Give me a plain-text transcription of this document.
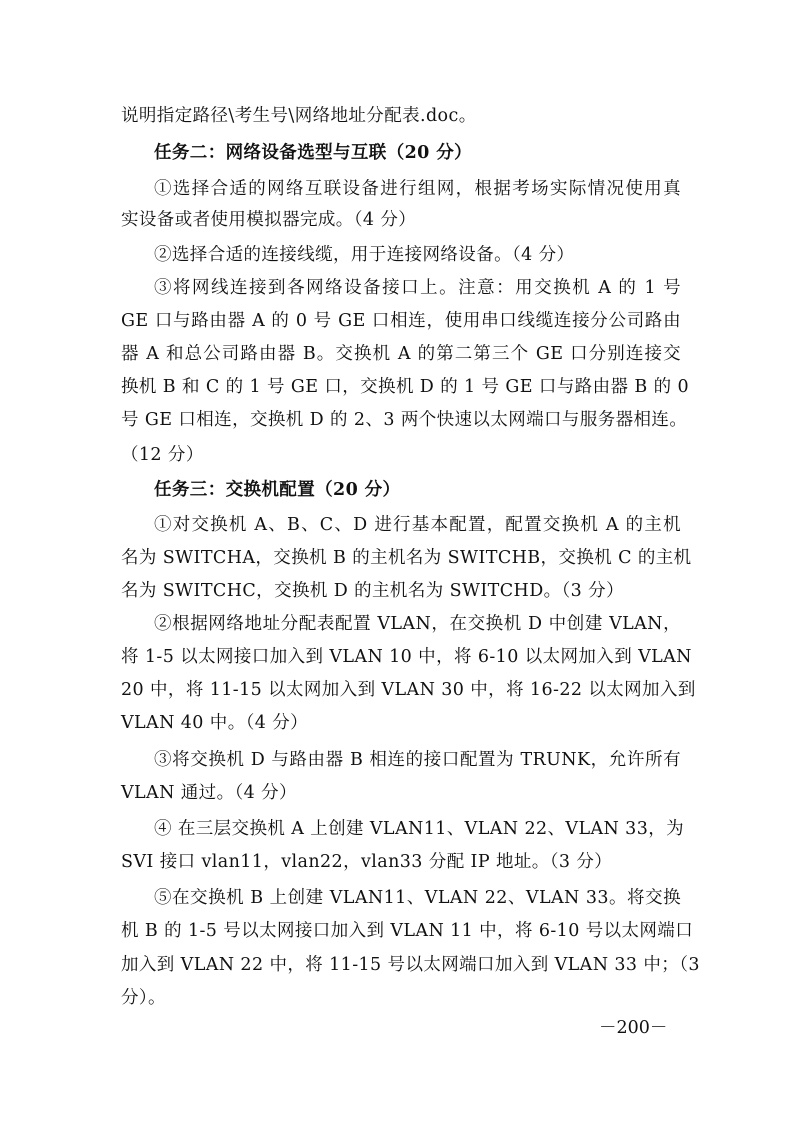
说明指定路径\考生号\网络地址分配表.doc。
任务二：网络设备选型与互联（20 分）
①选择合适的网络互联设备进行组网，根据考场实际情况使用真
实设备或者使用模拟器完成。（4 分）
②选择合适的连接线缆，用于连接网络设备。（4 分）
③将网线连接到各网络设备接口上。注意：用交换机 A 的 1 号
GE 口与路由器 A 的 0 号 GE 口相连，使用串口线缆连接分公司路由
器 A 和总公司路由器 B。交换机 A 的第二第三个 GE 口分别连接交
换机 B 和 C 的 1 号 GE 口，交换机 D 的 1 号 GE 口与路由器 B 的 0
号 GE 口相连，交换机 D 的 2、3 两个快速以太网端口与服务器相连。
（12 分）
任务三：交换机配置（20 分）
①对交换机 A、B、C、D 进行基本配置，配置交换机 A 的主机
名为 SWITCHA，交换机 B 的主机名为 SWITCHB，交换机 C 的主机
名为 SWITCHC，交换机 D 的主机名为 SWITCHD。（3 分）
②根据网络地址分配表配置 VLAN，在交换机 D 中创建 VLAN，
将 1-5 以太网接口加入到 VLAN 10 中，将 6-10 以太网加入到 VLAN
20 中，将 11-15 以太网加入到 VLAN 30 中，将 16-22 以太网加入到
VLAN 40 中。（4 分）
③将交换机 D 与路由器 B 相连的接口配置为 TRUNK，允许所有
VLAN 通过。（4 分）
④ 在三层交换机 A 上创建 VLAN11、VLAN 22、VLAN 33，为
SVI 接口 vlan11，vlan22，vlan33 分配 IP 地址。（3 分）
⑤在交换机 B 上创建 VLAN11、VLAN 22、VLAN 33。将交换
机 B 的 1-5 号以太网接口加入到 VLAN 11 中，将 6-10 号以太网端口
加入到 VLAN 22 中，将 11-15 号以太网端口加入到 VLAN 33 中；（3
分）。
－200－
